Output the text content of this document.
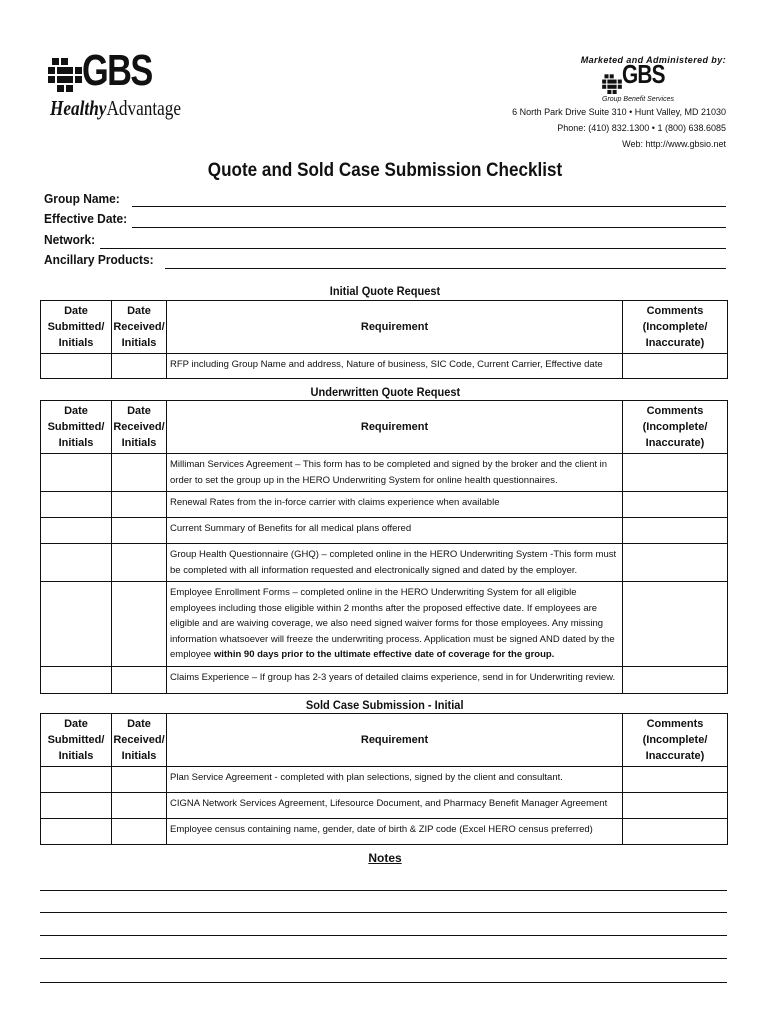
GBS
HealthyAdvantage
Marketed and Administered by:
GBS
Group Benefit Services
6 North Park Drive Suite 310 • Hunt Valley, MD 21030
Phone: (410) 832.1300 • 1 (800) 638.6085
Web: http://www.gbsio.net
Quote and Sold Case Submission Checklist
Group Name:
Effective Date:
Network:
Ancillary Products:
Initial Quote Request
Date Submitted/ Initials	Date Received/ Initials	Requirement	Comments (Incomplete/ Inaccurate)
		RFP including Group Name and address, Nature of business, SIC Code, Current Carrier, Effective date	
Underwritten Quote Request
Date Submitted/ Initials	Date Received/ Initials	Requirement	Comments (Incomplete/ Inaccurate)
		Milliman Services Agreement – This form has to be completed and signed by the broker and the client in order to set the group up in the HERO Underwriting System for online health questionnaires.	
		Renewal Rates from the in-force carrier with claims experience when available	
		Current Summary of Benefits for all medical plans offered	
		Group Health Questionnaire (GHQ) – completed online in the HERO Underwriting System -This form must be completed with all information requested and electronically signed and dated by the employer.	
		Employee Enrollment Forms – completed online in the HERO Underwriting System for all eligible employees including those eligible within 2 months after the proposed effective date. If employees are eligible and are waiving coverage, we also need signed waiver forms for those employees. Any missing information whatsoever will freeze the underwriting process. Application must be signed AND dated by the employee within 90 days prior to the ultimate effective date of coverage for the group.	
		Claims Experience – If group has 2-3 years of detailed claims experience, send in for Underwriting review.	
Sold Case Submission - Initial
Date Submitted/ Initials	Date Received/ Initials	Requirement	Comments (Incomplete/ Inaccurate)
		Plan Service Agreement - completed with plan selections, signed by the client and consultant.	
		CIGNA Network Services Agreement, Lifesource Document, and Pharmacy Benefit Manager Agreement	
		Employee census containing name, gender, date of birth & ZIP code (Excel HERO census preferred)	
Notes
